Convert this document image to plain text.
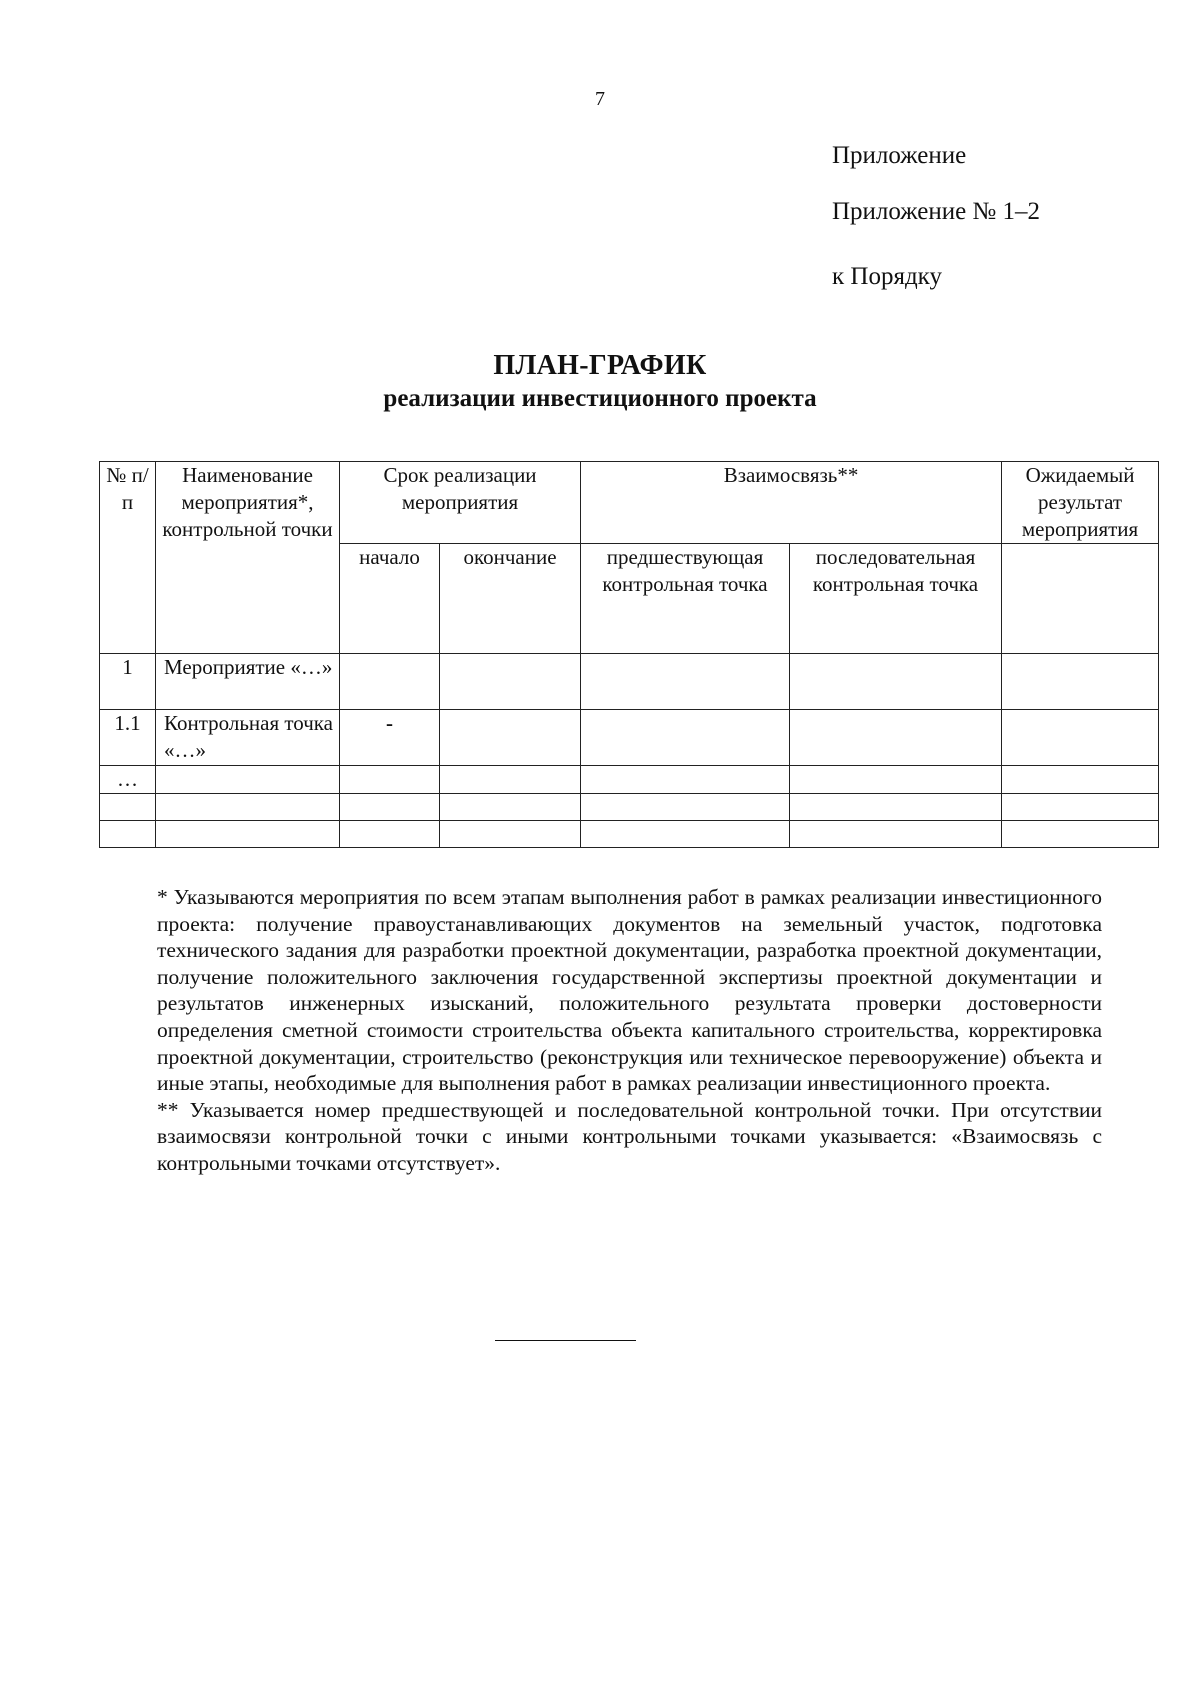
7
Приложение
Приложение № 1–2
к Порядку
ПЛАН-ГРАФИК
реализации инвестиционного проекта
№ п/п	Наименование мероприятия*, контрольной точки	Срок реализации мероприятия		Взаимосвязь**		Ожидаемый результат мероприятия
		начало	окончание	предшествующая контрольная точка	последовательная контрольная точка	
1	Мероприятие «…»					
1.1	Контрольная точка «…»	-				
…						

* Указываются мероприятия по всем этапам выполнения работ в рамках реализации инвестиционного проекта: получение правоустанавливающих документов на земельный участок, подготовка технического задания для разработки проектной документации, разработка проектной документации, получение положительного заключения государственной экспертизы проектной документации и результатов инженерных изысканий, положительного результата проверки достоверности определения сметной стоимости строительства объекта капитального строительства, корректировка проектной документации, строительство (реконструкция или техническое перевооружение) объекта и иные этапы, необходимые для выполнения работ в рамках реализации инвестиционного проекта.

** Указывается номер предшествующей и последовательной контрольной точки. При отсутствии взаимосвязи контрольной точки с иными контрольными точками указывается: «Взаимосвязь с контрольными точками отсутствует».
